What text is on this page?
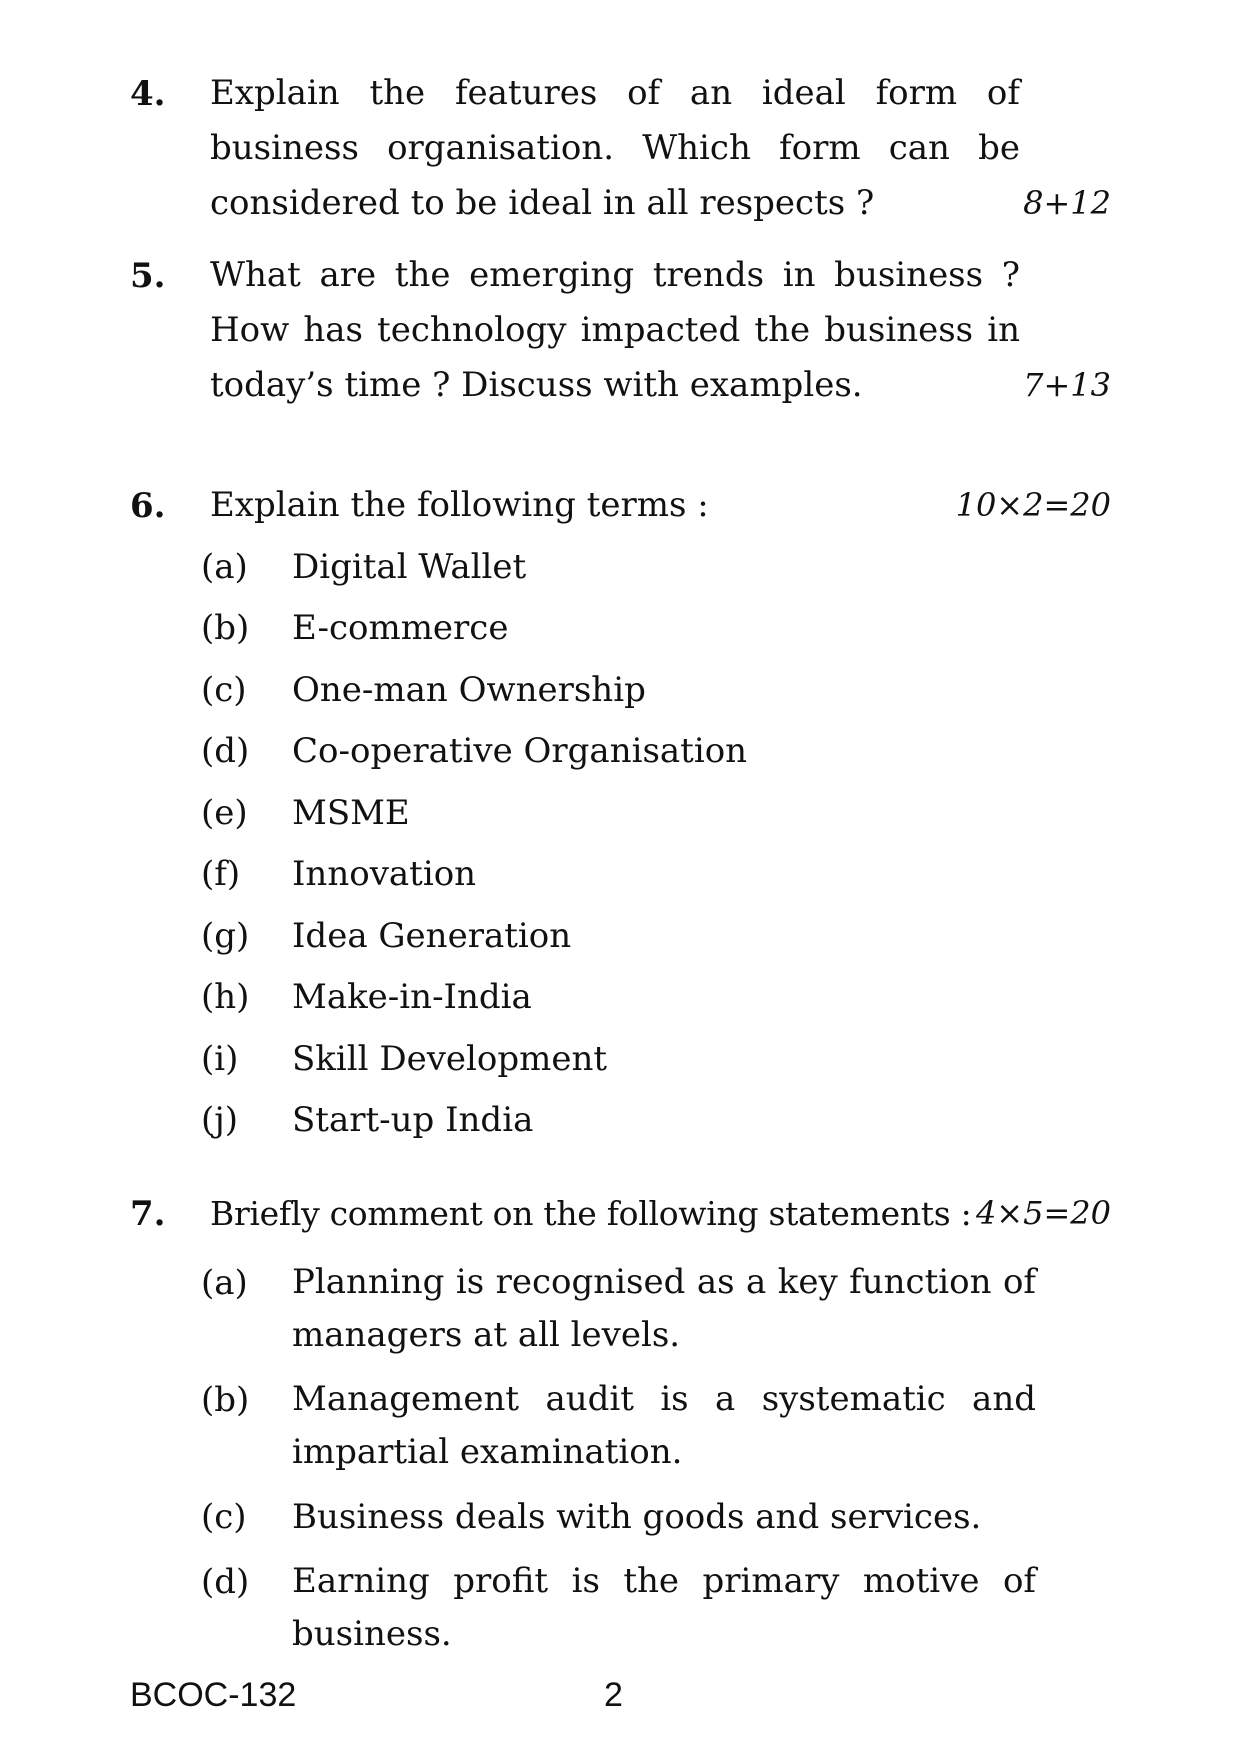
4. Explain the features of an ideal form of business organisation. Which form can be considered to be ideal in all respects ?	8+12
5. What are the emerging trends in business ? How has technology impacted the business in today’s time ? Discuss with examples.	7+13
6. Explain the following terms :	10×2=20
(a) Digital Wallet
(b) E-commerce
(c) One-man Ownership
(d) Co-operative Organisation
(e) MSME
(f) Innovation
(g) Idea Generation
(h) Make-in-India
(i) Skill Development
(j) Start-up India
7. Briefly comment on the following statements : 4×5=20
(a) Planning is recognised as a key function of managers at all levels.
(b) Management audit is a systematic and impartial examination.
(c) Business deals with goods and services.
(d) Earning profit is the primary motive of business.
BCOC-132	2
